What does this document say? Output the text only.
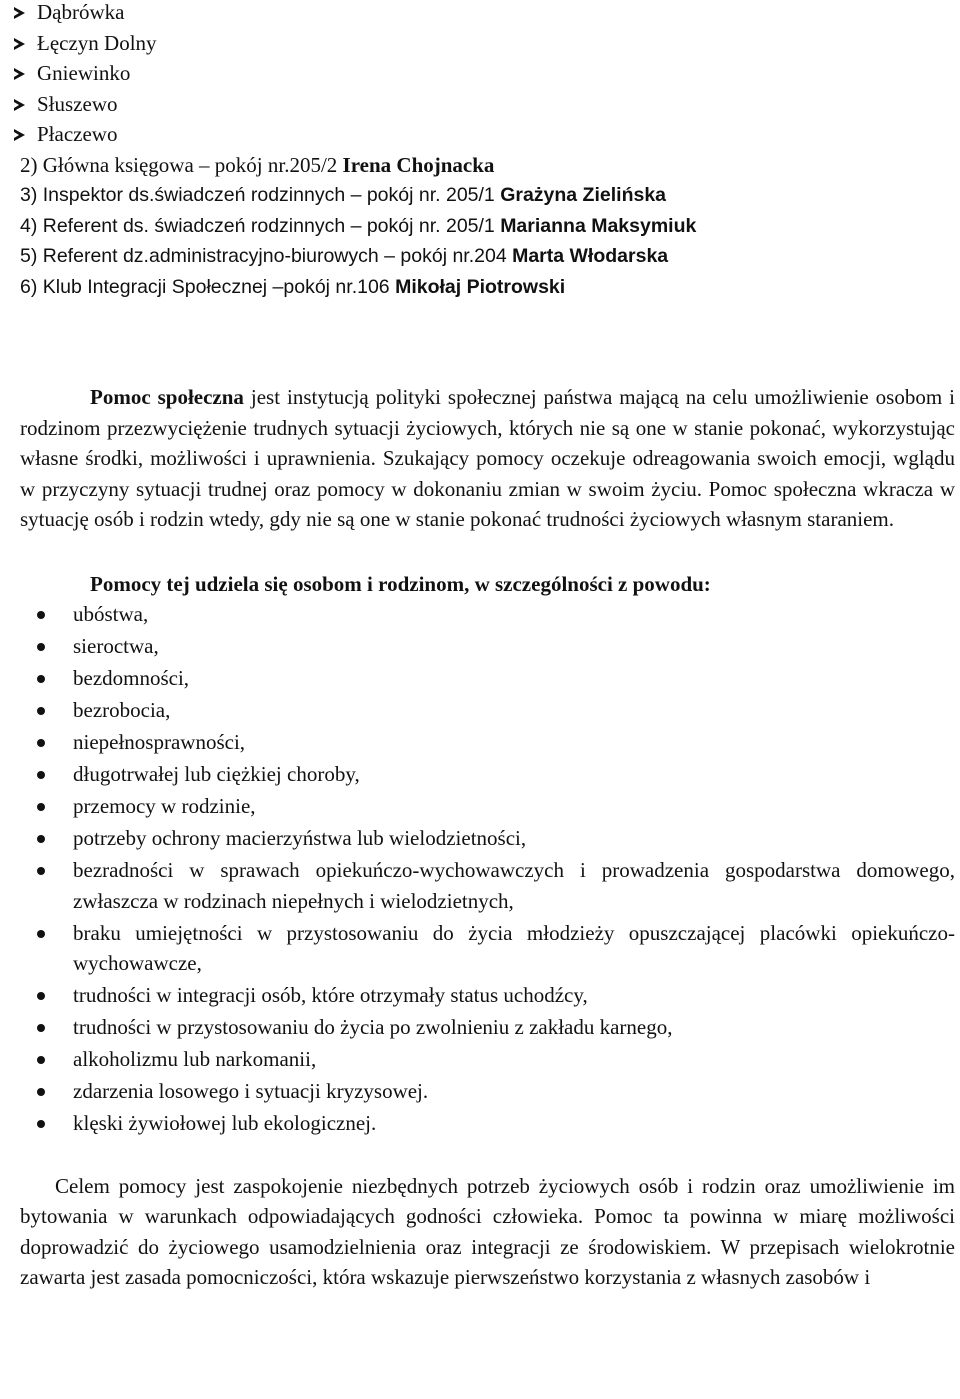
Dąbrówka
Łęczyn Dolny
Gniewinko
Słuszewo
Płaczewo
2) Główna księgowa – pokój nr.205/2 Irena Chojnacka
3) Inspektor ds.świadczeń rodzinnych – pokój nr. 205/1 Grażyna Zielińska
4) Referent ds. świadczeń rodzinnych – pokój nr. 205/1 Marianna Maksymiuk
5) Referent dz.administracyjno-biurowych – pokój nr.204 Marta Włodarska
6) Klub Integracji Społecznej –pokój nr.106 Mikołaj Piotrowski

Pomoc społeczna jest instytucją polityki społecznej państwa mającą na celu umożliwienie osobom i rodzinom przezwyciężenie trudnych sytuacji życiowych, których nie są one w stanie pokonać, wykorzystując własne środki, możliwości i uprawnienia. Szukający pomocy oczekuje odreagowania swoich emocji, wglądu w przyczyny sytuacji trudnej oraz pomocy w dokonaniu zmian w swoim życiu. Pomoc społeczna wkracza w sytuację osób i rodzin wtedy, gdy nie są one w stanie pokonać trudności życiowych własnym staraniem.

Pomocy tej udziela się osobom i rodzinom, w szczególności z powodu:

ubóstwa,
sieroctwa,
bezdomności,
bezrobocia,
niepełnosprawności,
długotrwałej lub ciężkiej choroby,
przemocy w rodzinie,
potrzeby ochrony macierzyństwa lub wielodzietności,
bezradności w sprawach opiekuńczo-wychowawczych i prowadzenia gospodarstwa domowego, zwłaszcza w rodzinach niepełnych i wielodzietnych,
braku umiejętności w przystosowaniu do życia młodzieży opuszczającej placówki opiekuńczo- wychowawcze,
trudności w integracji osób, które otrzymały status uchodźcy,
trudności w przystosowaniu do życia po zwolnieniu z zakładu karnego,
alkoholizmu lub narkomanii,
zdarzenia losowego i sytuacji kryzysowej.
klęski żywiołowej lub ekologicznej.

Celem pomocy jest zaspokojenie niezbędnych potrzeb życiowych osób i rodzin oraz umożliwienie im bytowania w warunkach odpowiadających godności człowieka. Pomoc ta powinna w miarę możliwości doprowadzić do życiowego usamodzielnienia oraz integracji ze środowiskiem. W przepisach wielokrotnie zawarta jest zasada pomocniczości, która wskazuje pierwszeństwo korzystania z własnych zasobów i
